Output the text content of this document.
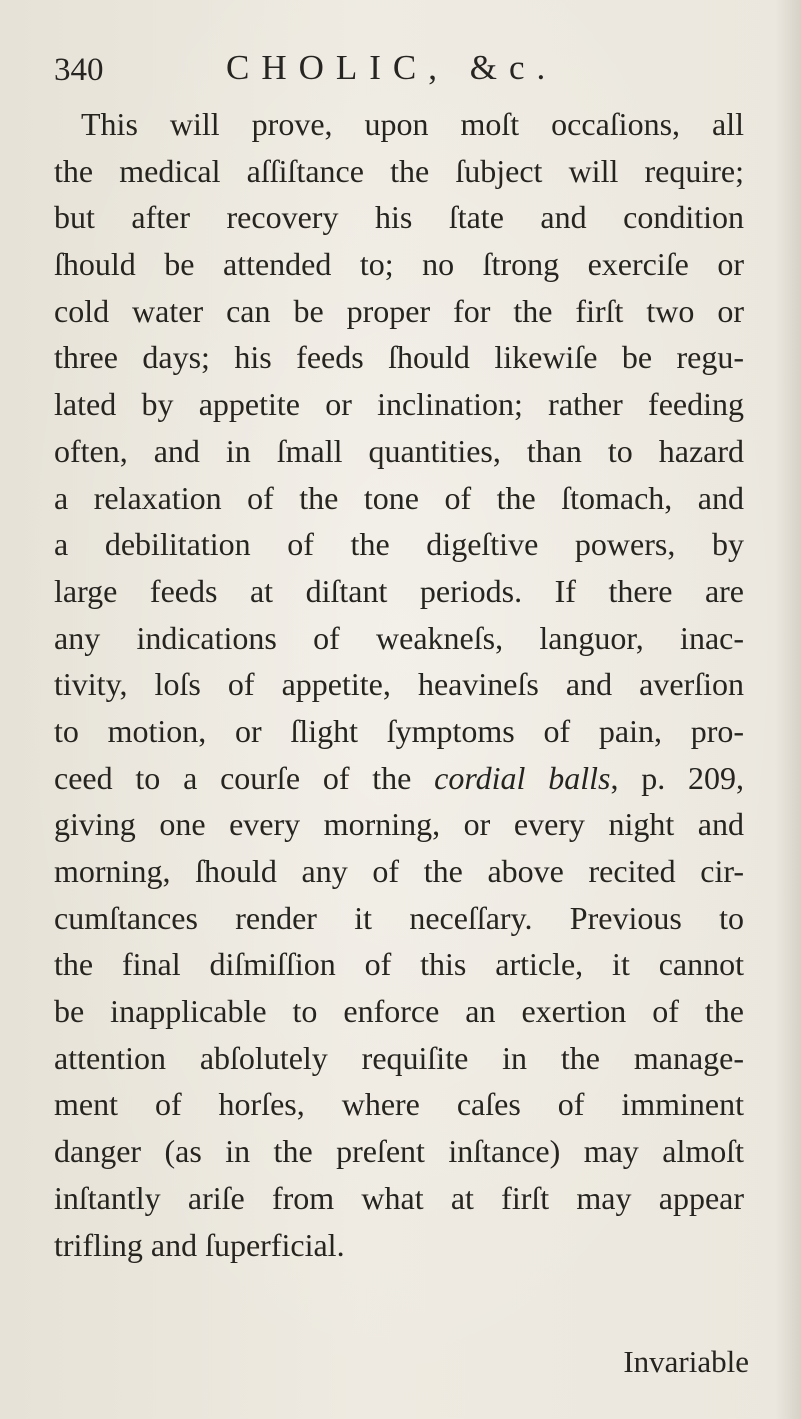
340	CHOLIC, &c.
This will prove, upon moſt occaſions, all
the medical aſſiſtance the ſubject will require;
but after recovery his ſtate and condition
ſhould be attended to; no ſtrong exerciſe or
cold water can be proper for the firſt two or
three days; his feeds ſhould likewiſe be regu-
lated by appetite or inclination; rather feeding
often, and in ſmall quantities, than to hazard
a relaxation of the tone of the ſtomach, and
a debilitation of the digeſtive powers, by
large feeds at diſtant periods. If there are
any indications of weakneſs, languor, inac-
tivity, loſs of appetite, heavineſs and averſion
to motion, or ſlight ſymptoms of pain, pro-
ceed to a courſe of the cordial balls, p. 209,
giving one every morning, or every night and
morning, ſhould any of the above recited cir-
cumſtances render it neceſſary. Previous to
the final diſmiſſion of this article, it cannot
be inapplicable to enforce an exertion of the
attention abſolutely requiſite in the manage-
ment of horſes, where caſes of imminent
danger (as in the preſent inſtance) may almoſt
inſtantly ariſe from what at firſt may appear
trifling and ſuperficial.
Invariable
